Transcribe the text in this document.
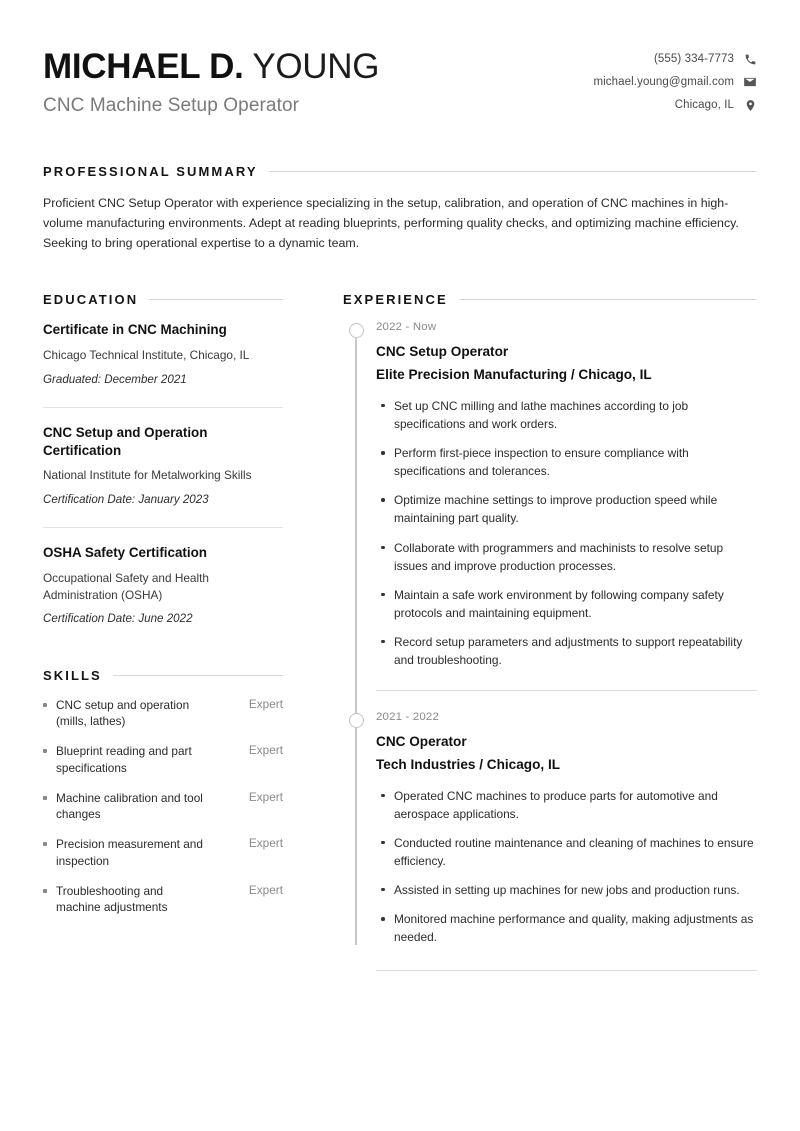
MICHAEL D. YOUNG
CNC Machine Setup Operator
(555) 334-7773
michael.young@gmail.com
Chicago, IL
PROFESSIONAL SUMMARY

Proficient CNC Setup Operator with experience specializing in the setup, calibration, and operation of CNC machines in high-volume manufacturing environments. Adept at reading blueprints, performing quality checks, and optimizing machine efficiency. Seeking to bring operational expertise to a dynamic team.

EDUCATION
Certificate in CNC Machining
Chicago Technical Institute, Chicago, IL
Graduated: December 2021
CNC Setup and Operation Certification
National Institute for Metalworking Skills
Certification Date: January 2023
OSHA Safety Certification
Occupational Safety and Health Administration (OSHA)
Certification Date: June 2022
SKILLS
CNC setup and operation (mills, lathes)
Expert
Blueprint reading and part specifications
Expert
Machine calibration and tool changes
Expert
Precision measurement and inspection
Expert
Troubleshooting and machine adjustments
Expert
EXPERIENCE
2022 - Now
CNC Setup Operator
Elite Precision Manufacturing / Chicago, IL
Set up CNC milling and lathe machines according to job specifications and work orders.
Perform first-piece inspection to ensure compliance with specifications and tolerances.
Optimize machine settings to improve production speed while maintaining part quality.
Collaborate with programmers and machinists to resolve setup issues and improve production processes.
Maintain a safe work environment by following company safety protocols and maintaining equipment.
Record setup parameters and adjustments to support repeatability and troubleshooting.
2021 - 2022
CNC Operator
Tech Industries / Chicago, IL
Operated CNC machines to produce parts for automotive and aerospace applications.
Conducted routine maintenance and cleaning of machines to ensure efficiency.
Assisted in setting up machines for new jobs and production runs.
Monitored machine performance and quality, making adjustments as needed.
